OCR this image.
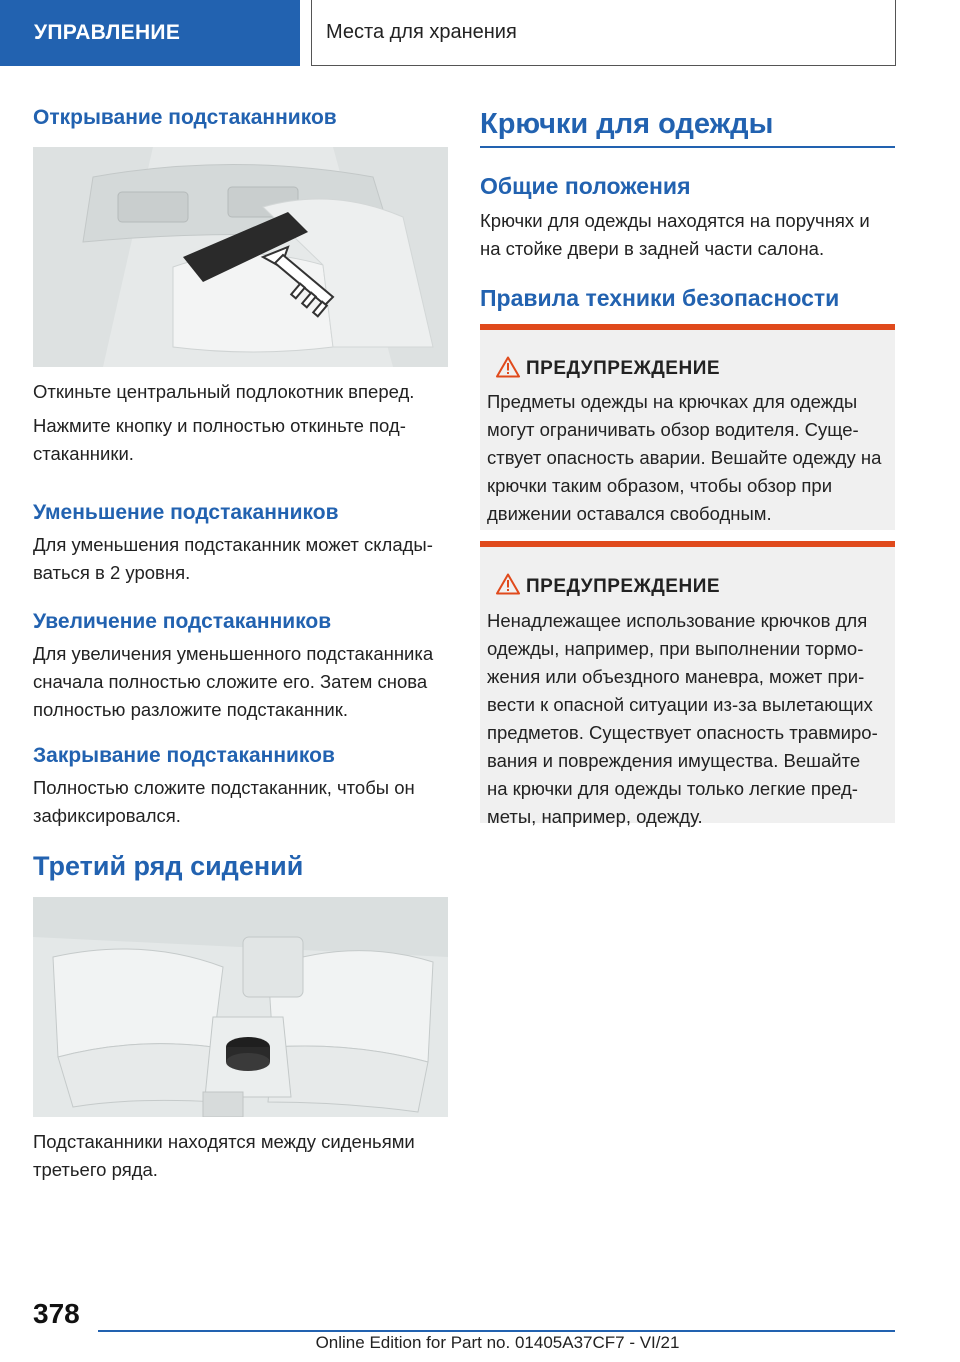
УПРАВЛЕНИЕ	Места для хранения
Открывание подстаканников

Откиньте центральный подлокотник вперед.

Нажмите кнопку и полностью откиньте под-
стаканники.

Уменьшение подстаканников

Для уменьшения подстаканник может склады-
ваться в 2 уровня.

Увеличение подстаканников

Для увеличения уменьшенного подстаканника
сначала полностью сложите его. Затем снова
полностью разложите подстаканник.

Закрывание подстаканников

Полностью сложите подстаканник, чтобы он
зафиксировался.

Третий ряд сидений

Подстаканники находятся между сиденьями
третьего ряда.

Крючки для одежды
Общие положения

Крючки для одежды находятся на поручнях и
на стойке двери в задней части салона.

Правила техники безопасности
ПРЕДУПРЕЖДЕНИЕ

Предметы одежды на крючках для одежды
могут ограничивать обзор водителя. Суще-
ствует опасность аварии. Вешайте одежду на
крючки таким образом, чтобы обзор при
движении оставался свободным.

ПРЕДУПРЕЖДЕНИЕ

Ненадлежащее использование крючков для
одежды, например, при выполнении тормо-
жения или объездного маневра, может при-
вести к опасной ситуации из-за вылетающих
предметов. Существует опасность травмиро-
вания и повреждения имущества. Вешайте
на крючки для одежды только легкие пред-
меты, например, одежду.

378
Online Edition for Part no. 01405A37CF7 - VI/21
